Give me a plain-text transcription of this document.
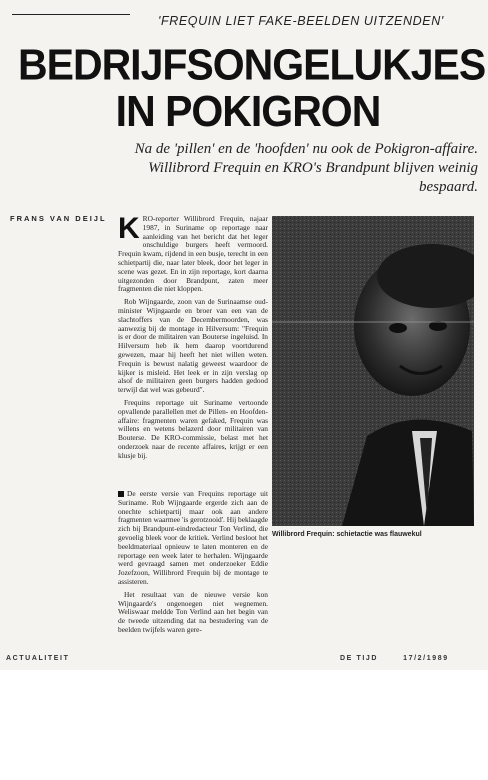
'FREQUIN LIET FAKE-BEELDEN UITZENDEN'
BEDRIJFSONGELUKJES
IN POKIGRON
Na de 'pillen' en de 'hoofden' nu ook de Pokigron-affaire. Willibrord Frequin en KRO's Brandpunt blijven weinig bespaard.
FRANS VAN DEIJL KRO-reporter Willibrord Frequin, najaar 1987, in Suriname op reportage naar aanleiding van het bericht dat het leger onschuldige burgers heeft vermoord. Frequin kwam, rijdend in een busje, terecht in een schietpartij die, naar later bleek, door het leger in scene was gezet. En in zijn reportage, kort daarna uitgezonden door Brandpunt, zaten meer fragmenten die niet kloppen.

Rob Wijngaarde, zoon van de Surinaamse oud-minister Wijngaarde en broer van een van de slachtoffers van de Decembermoorden, was aanwezig bij de montage in Hilversum: "Frequin is er door de militairen van Bouterse ingeluisd. In Hilversum heb ik hem daarop voortdurend gewezen, maar hij heeft het niet willen weten. Frequin is bewust nalatig geweest waardoor de kijker is misleid. Het leek er in zijn verslag op alsof de militairen geen burgers hadden gedood terwijl dat wel was gebeurd".

Frequins reportage uit Suriname vertoonde opvallende parallellen met de Pillen- en Hoofden-affaire: fragmenten waren gefaked, Frequin was willens en wetens belazerd door militairen van Bouterse. De KRO-commissie, belast met het onderzoek naar de recente affaires, krijgt er een klusje bij.

De eerste versie van Frequins reportage uit Suriname. Rob Wijngaarde ergerde zich aan de onechte schietpartij maar ook aan andere fragmenten waarmee 'is gerotzooid'. Hij beklaagde zich bij Brandpunt-eindredacteur Ton Verlind, die gevoelig bleek voor de kritiek. Verlind besloot het beeldmateriaal opnieuw te laten monteren en de reportage een week later te herhalen. Wijngaarde werd gevraagd samen met onderzoeker Eddie Jozefzoon, Willibrord Frequin bij de montage te assisteren.

Het resultaat van de nieuwe versie kon Wijngaarde's ongenoegen niet wegnemen. Weliswaar meldde Ton Verlind aan het begin van de tweede uitzending dat na bestudering van de beelden twijfels waren gere-

Willibrord Frequin: schietactie was flauwekul
ACTUALITEIT	DE TIJD	17/2/1989
